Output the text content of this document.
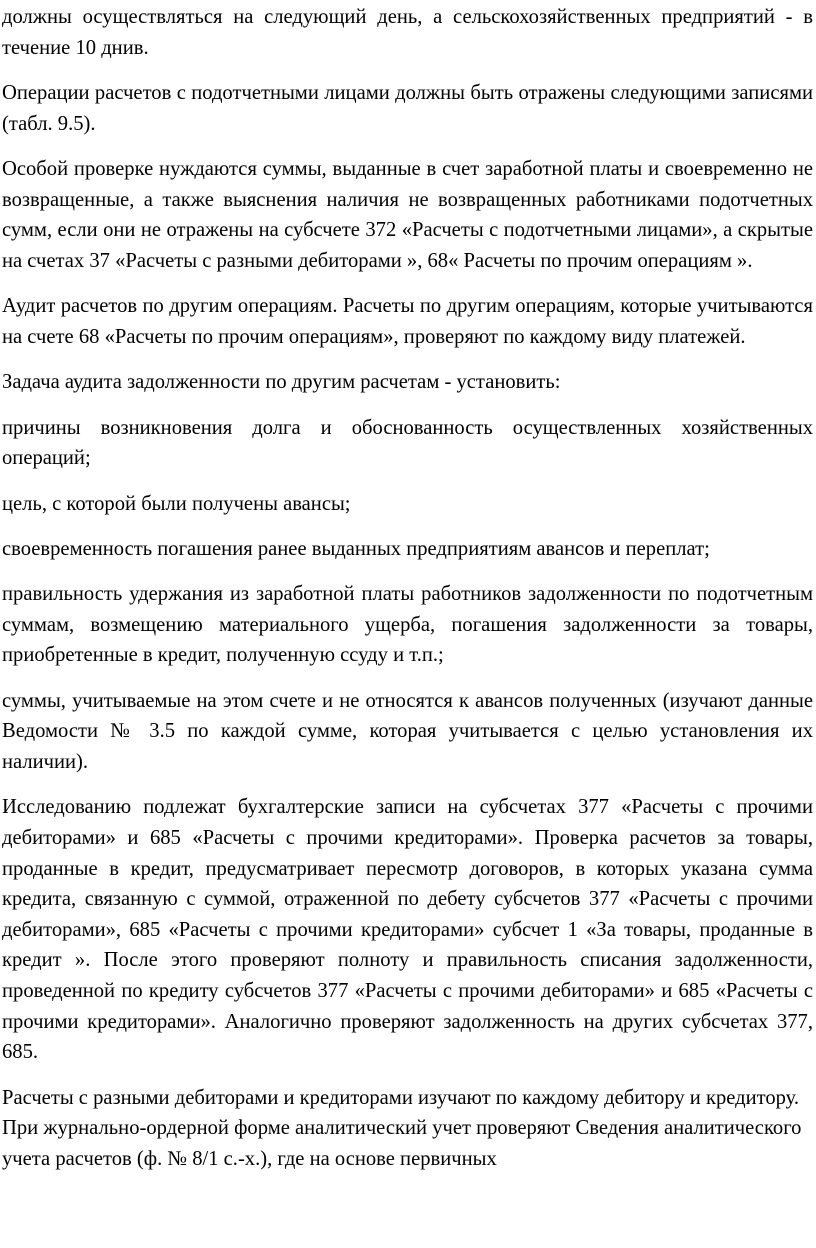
должны осуществляться на следующий день, а сельскохозяйственных предприятий - в течение 10 днив.

Операции расчетов с подотчетными лицами должны быть отражены следующими записями (табл. 9.5).

Особой проверке нуждаются суммы, выданные в счет заработной платы и своевременно не возвращенные, а также выяснения наличия не возвращенных работниками подотчетных сумм, если они не отражены на субсчете 372 «Расчеты с подотчетными лицами», а скрытые на счетах 37 «Расчеты с разными дебиторами », 68« Расчеты по прочим операциям ».

Аудит расчетов по другим операциям. Расчеты по другим операциям, которые учитываются на счете 68 «Расчеты по прочим операциям», проверяют по каждому виду платежей.

Задача аудита задолженности по другим расчетам - установить:

причины возникновения долга и обоснованность осуществленных хозяйственных операций;

цель, с которой были получены авансы;

своевременность погашения ранее выданных предприятиям авансов и переплат;

правильность удержания из заработной платы работников задолженности по подотчетным суммам, возмещению материального ущерба, погашения задолженности за товары, приобретенные в кредит, полученную ссуду и т.п.;

суммы, учитываемые на этом счете и не относятся к авансов полученных (изучают данные Ведомости № 3.5 по каждой сумме, которая учитывается с целью установления их наличии).

Исследованию подлежат бухгалтерские записи на субсчетах 377 «Расчеты с прочими дебиторами» и 685 «Расчеты с прочими кредиторами». Проверка расчетов за товары, проданные в кредит, предусматривает пересмотр договоров, в которых указана сумма кредита, связанную с суммой, отраженной по дебету субсчетов 377 «Расчеты с прочими дебиторами», 685 «Расчеты с прочими кредиторами» субсчет 1 «За товары, проданные в кредит ». После этого проверяют полноту и правильность списания задолженности, проведенной по кредиту субсчетов 377 «Расчеты с прочими дебиторами» и 685 «Расчеты с прочими кредиторами». Аналогично проверяют задолженность на других субсчетах 377, 685.

Расчеты с разными дебиторами и кредиторами изучают по каждому дебитору и кредитору. При журнально-ордерной форме аналитический учет проверяют Сведения аналитического учета расчетов (ф. № 8/1 с.-х.), где на основе первичных
